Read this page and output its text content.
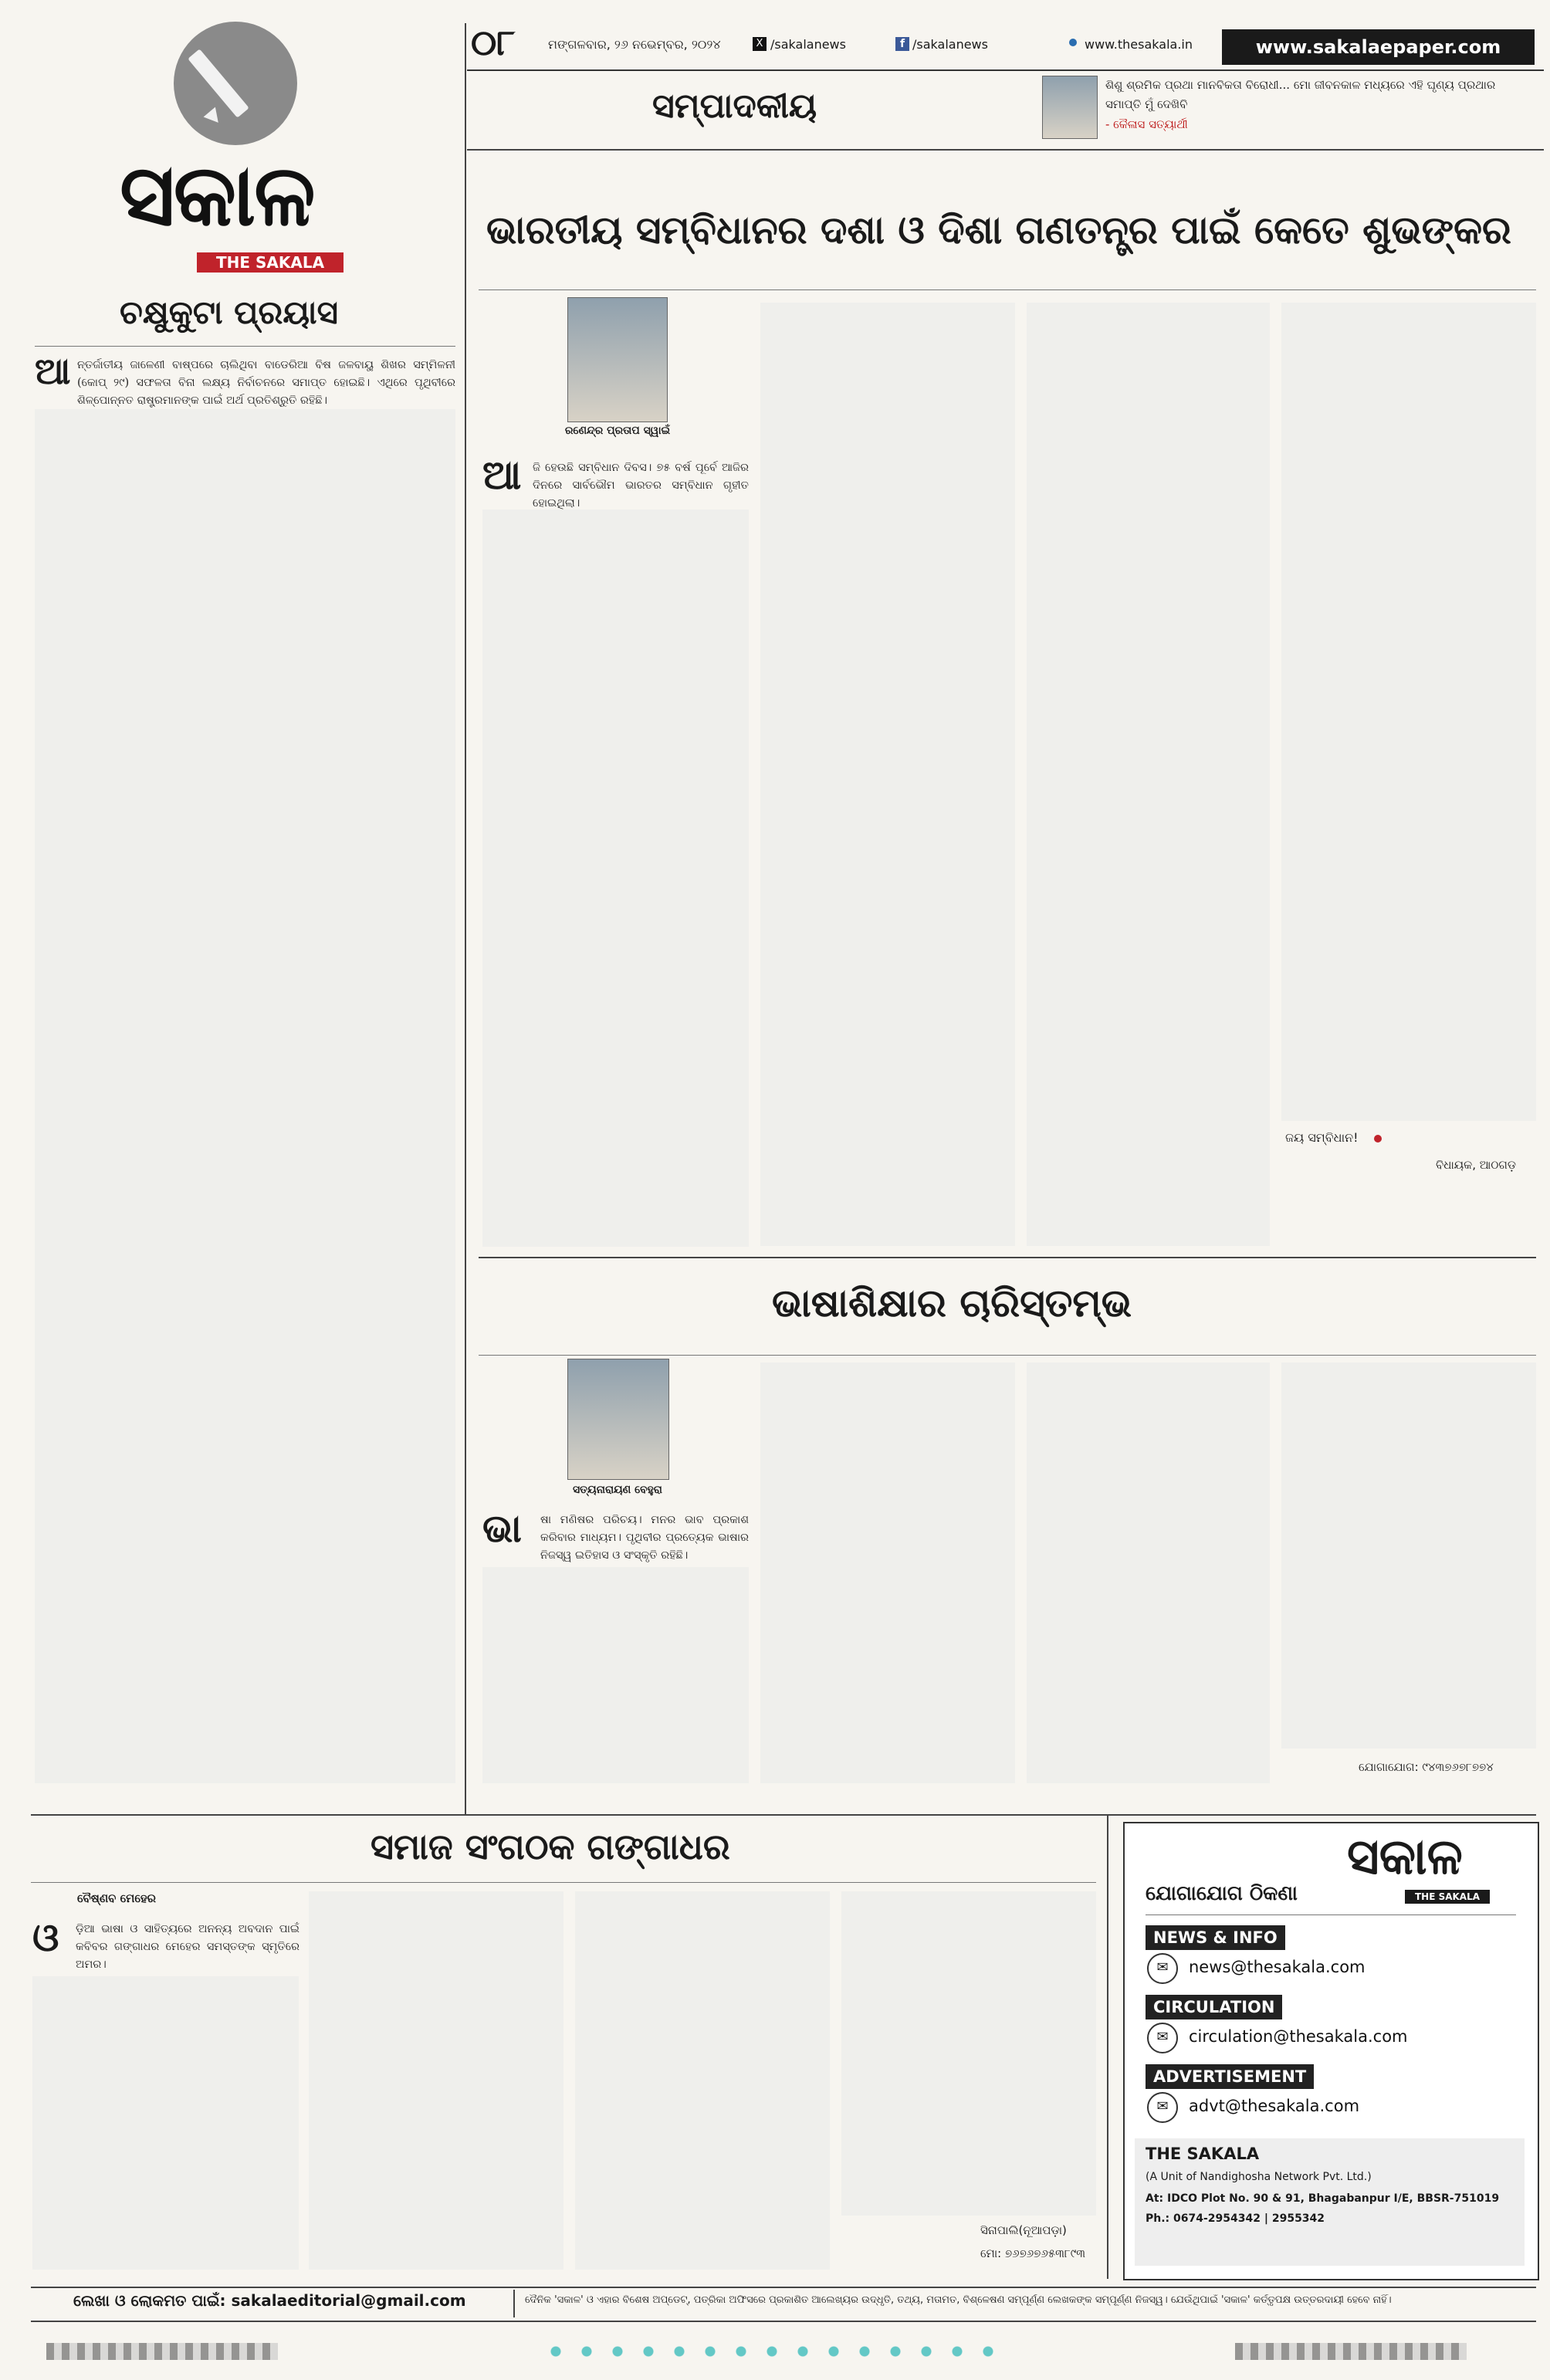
୦୮	ମଙ୍ଗଳବାର, ୨୬ ନଭେମ୍ବର, ୨୦୨୪	X /sakalanews	f /sakalanews	www.thesakala.in	www.sakalaepaper.com
ସମ୍ପାଦକୀୟ
ଶିଶୁ ଶ୍ରମିକ ପ୍ରଥା ମାନବିକତା ବିରୋଧୀ... ମୋ ଜୀବନକାଳ ମଧ୍ୟରେ ଏହି ଘୃଣ୍ୟ ପ୍ରଥାର ସମାପ୍ତି ମୁଁ ଦେଖିବି
- କୈଳାସ ସତ୍ୟାର୍ଥୀ
ସକାଳ
THE SAKALA
ଚକ୍ଷୁକୁଟା ପ୍ରୟାସ
ଆ ନ୍ତର୍ଜାତୀୟ ଜାଳେଣୀ ବାଷ୍ପରେ ଚାଲିଥିବା ବାଡେରିଆ ବିଷ ଜଳବାୟୁ ଶିଖର ସମ୍ମିଳନୀ (କୋପ୍ ୨୯) ସଫଳତା ବିନା ଲକ୍ଷ୍ୟ ନିର୍ବାଚନରେ ସମାପ୍ତ ହୋଇଛି। ଏଥିରେ ପୃଥିବୀରେ ଶିଳ୍ପୋନ୍ନତ ରାଷ୍ଟ୍ରମାନଙ୍କ ପାଇଁ ଅର୍ଥ ପ୍ରତିଶ୍ରୁତି ରହିଛି।
ଭାରତୀୟ ସମ୍ବିଧାନର ଦଶା ଓ ଦିଶା ଗଣତନ୍ତ୍ର ପାଇଁ କେତେ ଶୁଭଙ୍କର
ରଣେନ୍ଦ୍ର ପ୍ରତାପ ସ୍ୱାଇଁ
ଆ ଜି ହେଉଛି ସମ୍ବିଧାନ ଦିବସ। ୭୫ ବର୍ଷ ପୂର୍ବେ ଆଜିର ଦିନରେ ସାର୍ବଭୌମ ଭାରତର ସମ୍ବିଧାନ ଗୃହୀତ ହୋଇଥିଲା।
ଜୟ ସମ୍ବିଧାନ!
ବିଧାୟକ, ଆଠଗଡ଼
ଭାଷାଶିକ୍ଷାର ଚାରିସ୍ତମ୍ଭ
ସତ୍ୟନାରାୟଣ ବେହୁରା
ଭା ଷା ମଣିଷର ପରିଚୟ। ମନର ଭାବ ପ୍ରକାଶ କରିବାର ମାଧ୍ୟମ। ପୃଥିବୀର ପ୍ରତ୍ୟେକ ଭାଷାର ନିଜସ୍ୱ ଇତିହାସ ଓ ସଂସ୍କୃତି ରହିଛି।
ଯୋଗାଯୋଗ: ୯୪୩୭୬୭୮୭୭୪
ସମାଜ ସଂଗଠକ ଗଙ୍ଗାଧର
ବୈଷ୍ଣବ ମେହେର
ଓ ଡ଼ିଆ ଭାଷା ଓ ସାହିତ୍ୟରେ ଅନନ୍ୟ ଅବଦାନ ପାଇଁ କବିବର ଗଙ୍ଗାଧର ମେହେର ସମସ୍ତଙ୍କ ସ୍ମୃତିରେ ଅମର।
ସିନାପାଲି(ନୂଆପଡ଼ା)
ମୋ: ୭୬୭୬୭୬୫୩୮୯୩
ସକାଳ
THE SAKALA
ଯୋଗାଯୋଗ ଠିକଣା
NEWS & INFO
✉	news@thesakala.com
CIRCULATION
✉	circulation@thesakala.com
ADVERTISEMENT
✉	advt@thesakala.com
THE SAKALA
(A Unit of Nandighosha Network Pvt. Ltd.)
At: IDCO Plot No. 90 & 91, Bhagabanpur I/E, BBSR-751019
Ph.: 0674-2954342 | 2955342
ଲେଖା ଓ ଲୋକମତ ପାଇଁ: sakalaeditorial@gmail.com	ଦୈନିକ 'ସକାଳ' ଓ ଏହାର ବିଶେଷ ଅପ୍‌ଡେଟ୍, ପତ୍ରିକା ଅଫିସରେ ପ୍ରକାଶିତ ଆଲେଖ୍ୟର ଉଦ୍ଧୃତି, ତଥ୍ୟ, ମତାମତ, ବିଶ୍ଳେଷଣ ସମ୍ପୂର୍ଣ୍ଣ ଲେଖକଙ୍କ ସମ୍ପୂର୍ଣ୍ଣ ନିଜସ୍ୱ। ଯେଉଁଥିପାଇଁ 'ସକାଳ' କର୍ତ୍ତୃପକ୍ଷ ଉତ୍ତରଦାୟୀ ହେବେ ନାହିଁ।
